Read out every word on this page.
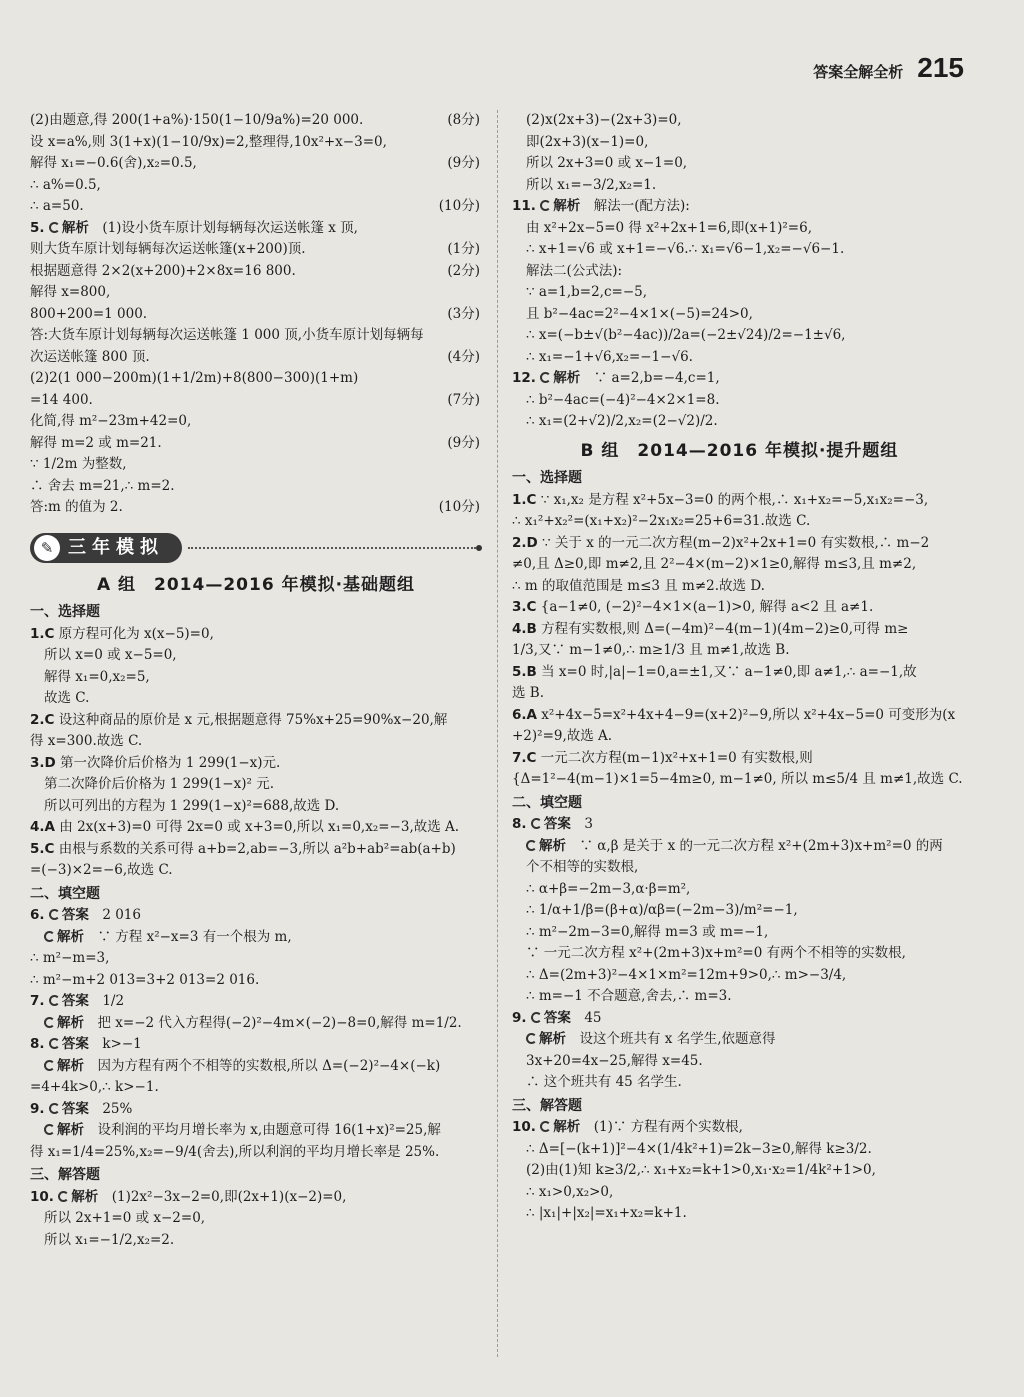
答案全解全析 215
(2)由题意,得 200(1+a%)·150(1−10/9a%)=20 000.	(8分)
设 x=a%,则 3(1+x)(1−10/9x)=2,整理得,10x²+x−3=0,
解得 x₁=−0.6(舍),x₂=0.5,	(9分)
∴ a%=0.5,
∴ a=50.	(10分)
5. 解析　 (1)设小货车原计划每辆每次运送帐篷 x 顶,
则大货车原计划每辆每次运送帐篷(x+200)顶.	(1分)
根据题意得 2×2(x+200)+2×8x=16 800.	(2分)
解得 x=800,
800+200=1 000.	(3分)
答:大货车原计划每辆每次运送帐篷 1 000 顶,小货车原计划每辆每
次运送帐篷 800 顶.	(4分)
(2)2(1 000−200m)(1+1/2m)+8(800−300)(1+m)
=14 400.	(7分)
化简,得 m²−23m+42=0,
解得 m=2 或 m=21.	(9分)
∵ 1/2m 为整数,
∴ 舍去 m=21,∴ m=2.
答:m 的值为 2.	(10分)
✎ 三年模拟
A 组　2014—2016 年模拟·基础题组
一、选择题
1.C 原方程可化为 x(x−5)=0,
所以 x=0 或 x−5=0,
解得 x₁=0,x₂=5,
故选 C.
2.C 设这种商品的原价是 x 元,根据题意得 75%x+25=90%x−20,解
得 x=300.故选 C.
3.D 第一次降价后价格为 1 299(1−x)元.
第二次降价后价格为 1 299(1−x)² 元.
所以可列出的方程为 1 299(1−x)²=688,故选 D.
4.A 由 2x(x+3)=0 可得 2x=0 或 x+3=0,所以 x₁=0,x₂=−3,故选 A.
5.C 由根与系数的关系可得 a+b=2,ab=−3,所以 a²b+ab²=ab(a+b)
=(−3)×2=−6,故选 C.
二、填空题
6. 答案　 2 016
解析　 ∵ 方程 x²−x=3 有一个根为 m,
∴ m²−m=3,
∴ m²−m+2 013=3+2 013=2 016.
7. 答案　 1/2
解析　 把 x=−2 代入方程得(−2)²−4m×(−2)−8=0,解得 m=1/2.
8. 答案　 k>−1
解析　 因为方程有两个不相等的实数根,所以 Δ=(−2)²−4×(−k)
=4+4k>0,∴ k>−1.
9. 答案　 25%
解析　 设利润的平均月增长率为 x,由题意可得 16(1+x)²=25,解
得 x₁=1/4=25%,x₂=−9/4(舍去),所以利润的平均月增长率是 25%.
三、解答题
10. 解析　 (1)2x²−3x−2=0,即(2x+1)(x−2)=0,
所以 2x+1=0 或 x−2=0,
所以 x₁=−1/2,x₂=2.
(2)x(2x+3)−(2x+3)=0,
即(2x+3)(x−1)=0,
所以 2x+3=0 或 x−1=0,
所以 x₁=−3/2,x₂=1.
11. 解析　 解法一(配方法):
由 x²+2x−5=0 得 x²+2x+1=6,即(x+1)²=6,
∴ x+1=√6 或 x+1=−√6.∴ x₁=√6−1,x₂=−√6−1.
解法二(公式法):
∵ a=1,b=2,c=−5,
且 b²−4ac=2²−4×1×(−5)=24>0,
∴ x=(−b±√(b²−4ac))/2a=(−2±√24)/2=−1±√6,
∴ x₁=−1+√6,x₂=−1−√6.
12. 解析　 ∵ a=2,b=−4,c=1,
∴ b²−4ac=(−4)²−4×2×1=8.
∴ x₁=(2+√2)/2,x₂=(2−√2)/2.
B 组　2014—2016 年模拟·提升题组
一、选择题
1.C ∵ x₁,x₂ 是方程 x²+5x−3=0 的两个根,∴ x₁+x₂=−5,x₁x₂=−3,
∴ x₁²+x₂²=(x₁+x₂)²−2x₁x₂=25+6=31.故选 C.
2.D ∵ 关于 x 的一元二次方程(m−2)x²+2x+1=0 有实数根,∴ m−2
≠0,且 Δ≥0,即 m≠2,且 2²−4×(m−2)×1≥0,解得 m≤3,且 m≠2,
∴ m 的取值范围是 m≤3 且 m≠2.故选 D.
3.C {a−1≠0, (−2)²−4×1×(a−1)>0, 解得 a<2 且 a≠1.
4.B 方程有实数根,则 Δ=(−4m)²−4(m−1)(4m−2)≥0,可得 m≥
1/3,又∵ m−1≠0,∴ m≥1/3 且 m≠1,故选 B.
5.B 当 x=0 时,|a|−1=0,a=±1,又∵ a−1≠0,即 a≠1,∴ a=−1,故
选 B.
6.A x²+4x−5=x²+4x+4−9=(x+2)²−9,所以 x²+4x−5=0 可变形为(x
+2)²=9,故选 A.
7.C 一元二次方程(m−1)x²+x+1=0 有实数根,则
{Δ=1²−4(m−1)×1=5−4m≥0, m−1≠0, 所以 m≤5/4 且 m≠1,故选 C.
二、填空题
8. 答案　 3
解析　 ∵ α,β 是关于 x 的一元二次方程 x²+(2m+3)x+m²=0 的两
个不相等的实数根,
∴ α+β=−2m−3,α·β=m²,
∴ 1/α+1/β=(β+α)/αβ=(−2m−3)/m²=−1,
∴ m²−2m−3=0,解得 m=3 或 m=−1,
∵ 一元二次方程 x²+(2m+3)x+m²=0 有两个不相等的实数根,
∴ Δ=(2m+3)²−4×1×m²=12m+9>0,∴ m>−3/4,
∴ m=−1 不合题意,舍去,∴ m=3.
9. 答案　 45
解析　 设这个班共有 x 名学生,依题意得
3x+20=4x−25,解得 x=45.
∴ 这个班共有 45 名学生.
三、解答题
10. 解析　 (1)∵ 方程有两个实数根,
∴ Δ=[−(k+1)]²−4×(1/4k²+1)=2k−3≥0,解得 k≥3/2.
(2)由(1)知 k≥3/2,∴ x₁+x₂=k+1>0,x₁·x₂=1/4k²+1>0,
∴ x₁>0,x₂>0,
∴ |x₁|+|x₂|=x₁+x₂=k+1.
